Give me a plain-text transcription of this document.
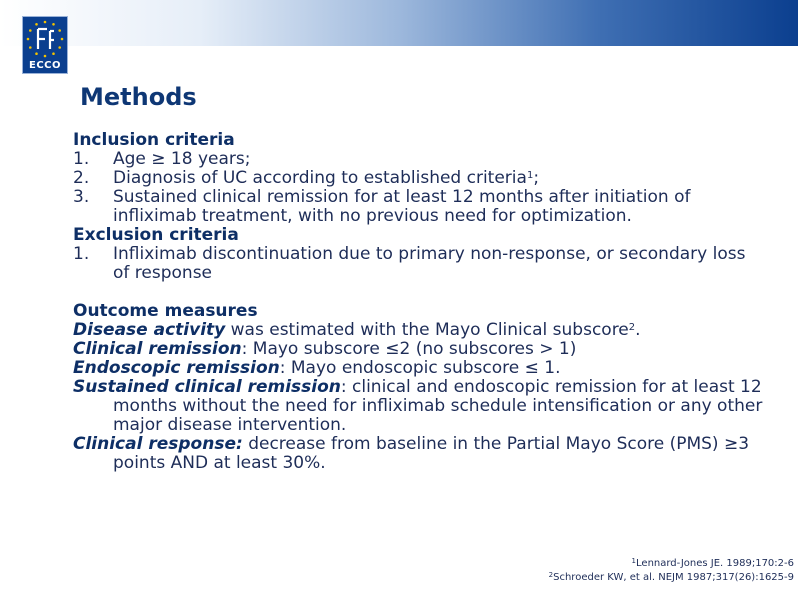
ECCO
Methods
Inclusion criteria
1. Age ≥ 18 years;
2. Diagnosis of UC according to established criteria$^1$;
3. Sustained clinical remission for at least 12 months after initiation of infliximab treatment, with no previous need for optimization.
Exclusion criteria
1. Infliximab discontinuation due to primary non-response, or secondary loss of response
Outcome measures
Disease activity was estimated with the Mayo Clinical subscore$^2$.
Clinical remission: Mayo subscore ≤2 (no subscores > 1)
Endoscopic remission: Mayo endoscopic subscore ≤ 1.
Sustained clinical remission: clinical and endoscopic remission for at least 12 months without the need for infliximab schedule intensification or any other major disease intervention.
Clinical response: decrease from baseline in the Partial Mayo Score (PMS) ≥3 points AND at least 30%.
$^1$Lennard-Jones JE. 1989;170:2-6
$^2$Schroeder KW, et al. NEJM 1987;317(26):1625-9
